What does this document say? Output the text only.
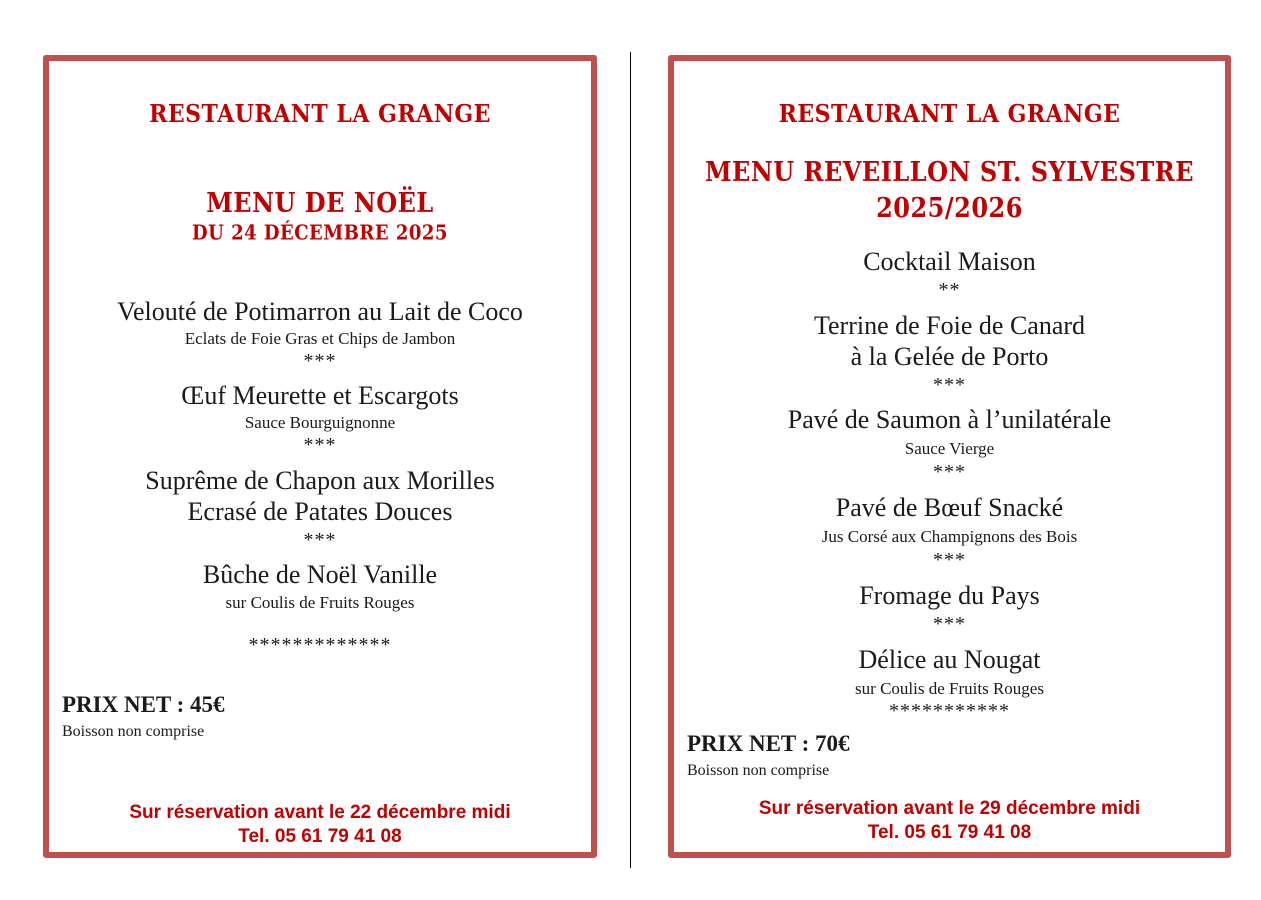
RESTAURANT LA GRANGE
MENU DE NOËL
DU 24 DÉCEMBRE 2025
Velouté de Potimarron au Lait de Coco
Eclats de Foie Gras et Chips de Jambon
***
Œuf Meurette et Escargots
Sauce Bourguignonne
***
Suprême de Chapon aux Morilles
Ecrasé de Patates Douces
***
Bûche de Noël Vanille
sur Coulis de Fruits Rouges
*************
PRIX NET : 45€
Boisson non comprise
Sur réservation avant le 22 décembre midi
Tel. 05 61 79 41 08
RESTAURANT LA GRANGE
MENU REVEILLON ST. SYLVESTRE
2025/2026
Cocktail Maison
**
Terrine de Foie de Canard
à la Gelée de Porto
***
Pavé de Saumon à l’unilatérale
Sauce Vierge
***
Pavé de Bœuf Snacké
Jus Corsé aux Champignons des Bois
***
Fromage du Pays
***
Délice au Nougat
sur Coulis de Fruits Rouges
***********
PRIX NET : 70€
Boisson non comprise
Sur réservation avant le 29 décembre midi
Tel. 05 61 79 41 08
